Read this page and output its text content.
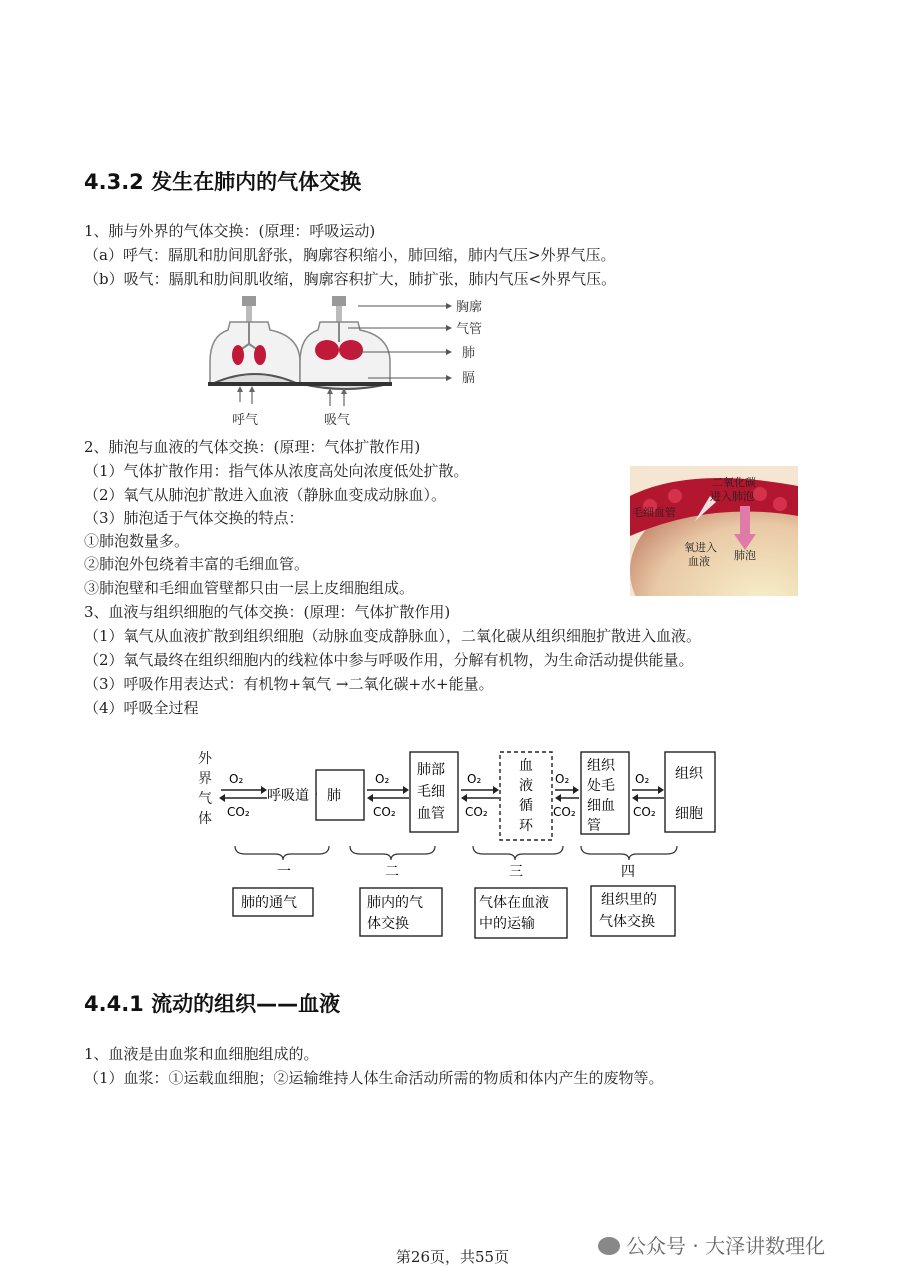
4.3.2 发生在肺内的气体交换
1、肺与外界的气体交换：(原理：呼吸运动)
（a）呼气：膈肌和肋间肌舒张，胸廓容积缩小，肺回缩，肺内气压>外界气压。
（b）吸气：膈肌和肋间肌收缩，胸廓容积扩大，肺扩张，肺内气压<外界气压。
胸廓
气管
肺
膈
呼气	吸气
2、肺泡与血液的气体交换：(原理：气体扩散作用)
（1）气体扩散作用：指气体从浓度高处向浓度低处扩散。
（2）氧气从肺泡扩散进入血液（静脉血变成动脉血）。
（3）肺泡适于气体交换的特点：
①肺泡数量多。
②肺泡外包绕着丰富的毛细血管。
③肺泡壁和毛细血管壁都只由一层上皮细胞组成。
3、血液与组织细胞的气体交换：(原理：气体扩散作用)
（1）氧气从血液扩散到组织细胞（动脉血变成静脉血），二氧化碳从组织细胞扩散进入血液。
（2）氧气最终在组织细胞内的线粒体中参与呼吸作用，分解有机物，为生命活动提供能量。
（3）呼吸作用表达式：有机物+氧气 →二氧化碳+水+能量。
（4）呼吸全过程
二氧化碳
进入肺泡
毛细血管
氧进入
血液 肺泡
外
界
气
体
O₂
CO₂
呼吸道 肺
O₂
CO₂
肺部
毛细
血管
O₂
CO₂
血
液
循
环
O₂
CO₂
组织
处毛
细血
管
O₂
CO₂
组织
细胞
一	二	三	四
肺的通气	肺内的气
体交换
气体在血液
中的运输
组织里的
气体交换
4.4.1 流动的组织——血液
1、血液是由血浆和血细胞组成的。
（1）血浆：①运载血细胞；②运输维持人体生命活动所需的物质和体内产生的废物等。
公众号 · 大泽讲数理化
第26页，共55页
